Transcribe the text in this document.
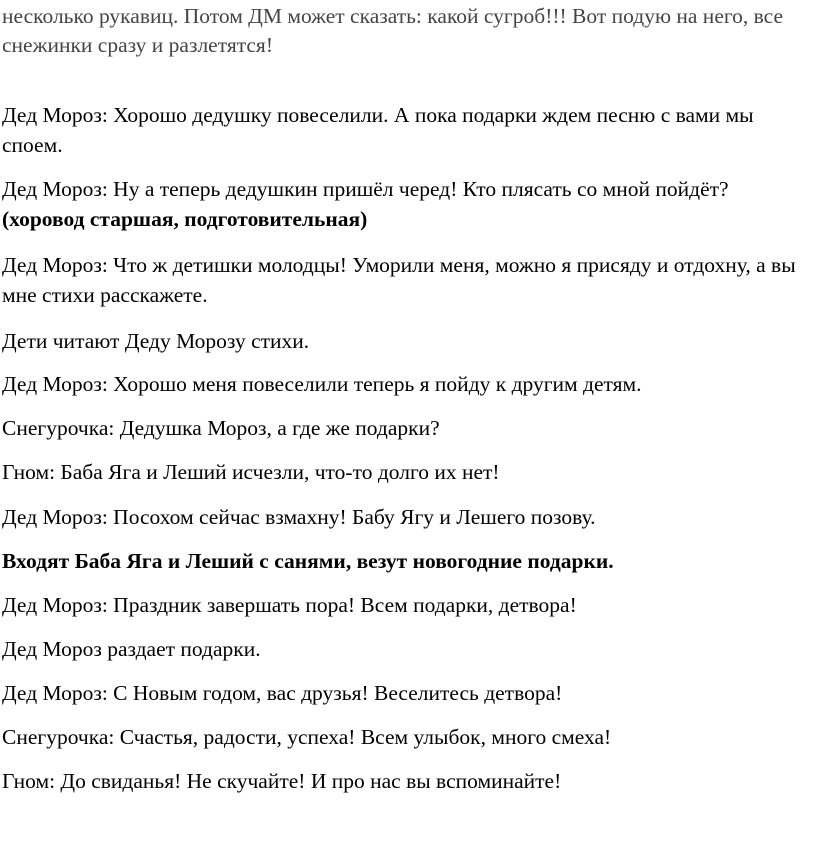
несколько рукавиц. Потом ДМ может сказать: какой сугроб!!! Вот подую на него, все снежинки сразу и разлетятся!

Дед Мороз: Хорошо дедушку повеселили. А пока подарки ждем песню с вами мы споем.

Дед Мороз: Ну а теперь дедушкин пришёл черед! Кто плясать со мной пойдёт? (хоровод старшая, подготовительная)

Дед Мороз: Что ж детишки молодцы! Уморили меня, можно я присяду и отдохну, а вы мне стихи расскажете.

Дети читают Деду Морозу стихи.

Дед Мороз: Хорошо меня повеселили теперь я пойду к другим детям.

Снегурочка: Дедушка Мороз, а где же подарки?

Гном: Баба Яга и Леший исчезли, что-то долго их нет!

Дед Мороз: Посохом сейчас взмахну! Бабу Ягу и Лешего позову.

Входят Баба Яга и Леший с санями, везут новогодние подарки.

Дед Мороз: Праздник завершать пора! Всем подарки, детвора!

Дед Мороз раздает подарки.

Дед Мороз: С Новым годом, вас друзья! Веселитесь детвора!

Снегурочка: Счастья, радости, успеха! Всем улыбок, много смеха!

Гном: До свиданья! Не скучайте! И про нас вы вспоминайте!
